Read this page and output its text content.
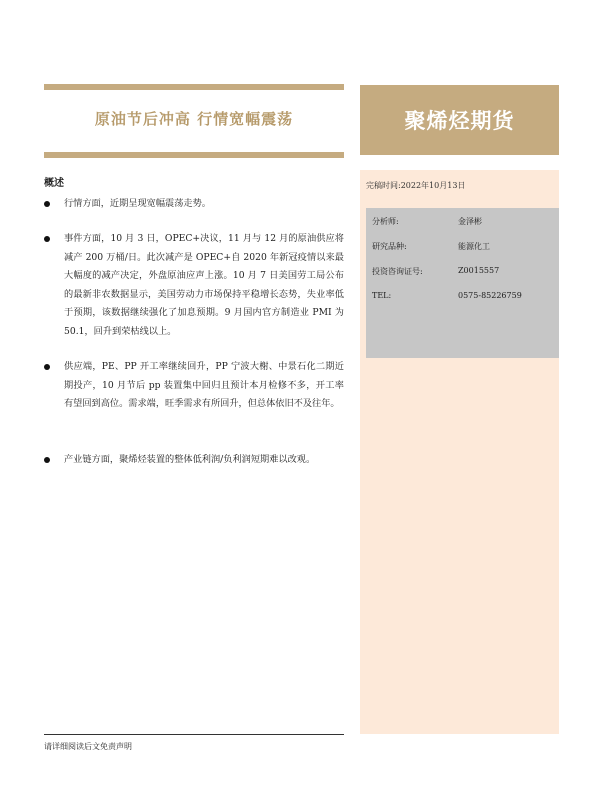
原油节后冲高 行情宽幅震荡	聚烯烃期货
完稿时间:2022年10月13日
分析师:	金泽彬
研究品种:	能源化工
投资咨询证号:	Z0015557
TEL:	0575-85226759
概述
行情方面，近期呈现宽幅震荡走势。
事件方面，10 月 3 日，OPEC+决议，11 月与 12 月的原油供应将减产 200 万桶/日。此次减产是 OPEC+自 2020 年新冠疫情以来最大幅度的减产决定，外盘原油应声上涨。10 月 7 日美国劳工局公布的最新非农数据显示，美国劳动力市场保持平稳增长态势，失业率低于预期，该数据继续强化了加息预期。9 月国内官方制造业 PMI 为 50.1，回升到荣枯线以上。
供应端，PE、PP 开工率继续回升，PP 宁波大榭、中景石化二期近期投产，10 月节后 pp 装置集中回归且预计本月检修不多，开工率有望回到高位。需求端，旺季需求有所回升，但总体依旧不及往年。
产业链方面，聚烯烃装置的整体低利润/负利润短期难以改观。
请详细阅读后文免责声明
